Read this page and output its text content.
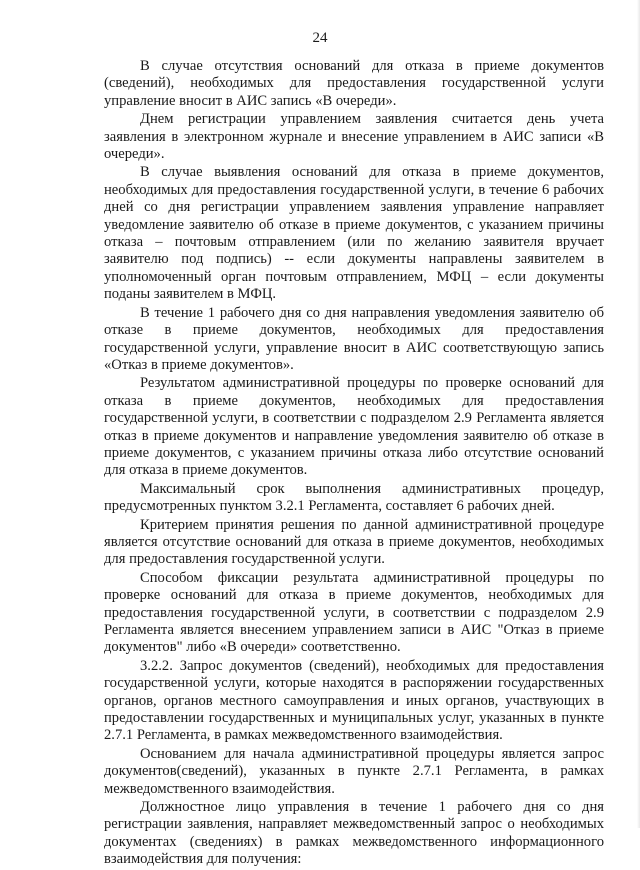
24

В случае отсутствия оснований для отказа в приеме документов (сведений), необходимых для предоставления государственной услуги управление вносит в АИС запись «В очереди».

Днем регистрации управлением заявления считается день учета заявления в электронном журнале и внесение управлением в АИС записи «В очереди».

В случае выявления оснований для отказа в приеме документов, необходимых для предоставления государственной услуги, в течение 6 рабочих дней со дня регистрации управлением заявления управление направляет уведомление заявителю об отказе в приеме документов, с указанием причины отказа – почтовым отправлением (или по желанию заявителя вручает заявителю под подпись) -- если документы направлены заявителем в уполномоченный орган почтовым отправлением, МФЦ – если документы поданы заявителем в МФЦ.

В течение 1 рабочего дня со дня направления уведомления заявителю об отказе в приеме документов, необходимых для предоставления государственной услуги, управление вносит в АИС соответствующую запись «Отказ в приеме документов».

Результатом административной процедуры по проверке оснований для отказа в приеме документов, необходимых для предоставления государственной услуги, в соответствии с подразделом 2.9 Регламента является отказ в приеме документов и направление уведомления заявителю об отказе в приеме документов, с указанием причины отказа либо отсутствие оснований для отказа в приеме документов.

Максимальный срок выполнения административных процедур, предусмотренных пунктом 3.2.1 Регламента, составляет 6 рабочих дней.

Критерием принятия решения по данной административной процедуре является отсутствие оснований для отказа в приеме документов, необходимых для предоставления государственной услуги.

Способом фиксации результата административной процедуры по проверке оснований для отказа в приеме документов, необходимых для предоставления государственной услуги, в соответствии с подразделом 2.9 Регламента является внесением управлением записи в АИС "Отказ в приеме документов" либо «В очереди» соответственно.

3.2.2. Запрос документов (сведений), необходимых для предоставления государственной услуги, которые находятся в распоряжении государственных органов, органов местного самоуправления и иных органов, участвующих в предоставлении государственных и муниципальных услуг, указанных в пункте 2.7.1 Регламента, в рамках межведомственного взаимодействия.

Основанием для начала административной процедуры является запрос документов(сведений), указанных в пункте 2.7.1 Регламента, в рамках межведомственного взаимодействия.

Должностное лицо управления в течение 1 рабочего дня со дня регистрации заявления, направляет межведомственный запрос о необходимых документах (сведениях) в рамках межведомственного информационного взаимодействия для получения:
